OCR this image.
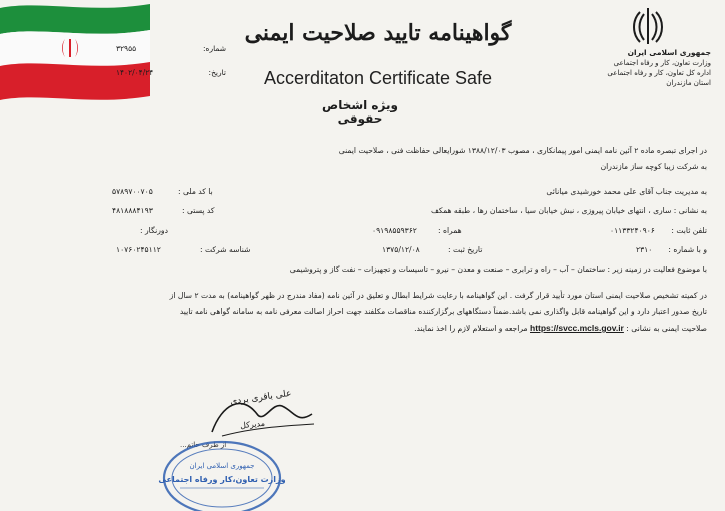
جمهوری اسلامی ایران
وزارت تعاون، کار و رفاه اجتماعی
اداره کل تعاون، کار و رفاه اجتماعی استان مازندران
گواهینامه تایید صلاحیت ایمنی
Accerditaton Certificate Safe
ویژه اشخاص حقوقی
شماره:
۳۲۹۵۵
تاریخ:
۱۴۰۲/۰۴/۲۴
در اجرای تبصره ماده ۲ آئین نامه ایمنی امور پیمانکاری ، مصوب ۱۳۸۸/۱۲/۰۳ شورایعالی حفاظت فنی ، صلاحیت ایمنی
به شرکت زیبا کوچه ساز مازندران
به مدیریت جناب آقای علی محمد خورشیدی میانائی
با کد ملی :
۵۷۸۹۷۰۰۷۰۵
به نشانی : ساری ، انتهای خیابان پیروزی ، نبش خیابان سیا ، ساختمان رها ، طبقه همکف
کد پستی :
۴۸۱۸۸۸۴۱۹۳
تلفن ثابت :
۰۱۱۳۳۲۴۰۹۰۶
همراه :
۰۹۱۹۸۵۵۹۳۶۲
دورنگار :
و با شماره :
۲۳۱۰
تاریخ ثبت :
۱۳۷۵/۱۲/۰۸
شناسه شرکت :
۱۰۷۶۰۲۴۵۱۱۲
با موضوع فعالیت در زمینه زیر : ساختمان – آب – راه و ترابری – صنعت و معدن – نیرو – تاسیسات و تجهیزات – نفت گاز و پتروشیمی
در کمیته تشخیص صلاحیت ایمنی استان مورد تأیید قرار گرفت . این گواهینامه با رعایت شرایط ابطال و تعلیق در آئین نامه (مفاد مندرج در ظهر گواهینامه) به مدت ۲ سال از
تاریخ صدور اعتبار دارد و این گواهینامه قابل واگذاری نمی باشد.ضمناً دستگاههای برگزارکننده مناقصات مکلفند جهت احراز اصالت معرفی نامه به سامانه گواهی نامه تایید
صلاحیت ایمنی به نشانی : https://svcc.mcls.gov.ir مراجعه و استعلام لازم را اخذ نمایند.
علی باقری بردی
مدیرکل
از طرف حاتم...
جمهوری اسلامی ایران
وزارت تعاون،کار ورفاه اجتماعی
